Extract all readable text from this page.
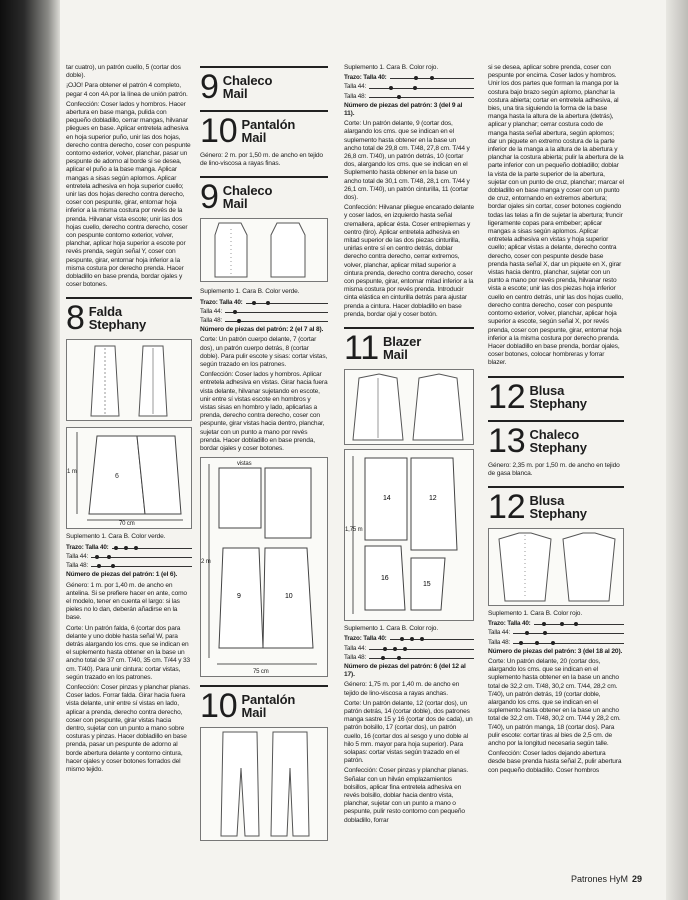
tar cuatro), un patrón cuello, 5 (cortar dos doble).

¡OJO! Para obtener el patrón 4 completo, pegar 4 con 4A por la línea de unión patrón.

Confección: Coser lados y hombros. Hacer abertura en base manga, pulida con pequeño dobladillo, cerrar mangas, hilvanar pliegues en base. Aplicar entretela adhesiva en hoja superior puño, unir las dos hojas, derecho contra derecho, coser con pespunte contorno exterior, volver, planchar, pasar un pespunte de adorno al borde si se desea, aplicar el puño a la base manga. Aplicar mangas a sisas según aplomos. Aplicar entretela adhesiva en hoja superior cuello; unir las dos hojas derecho contra derecho, coser con pespunte, girar, entornar hoja inferior a la misma costura por revés de la prenda. Hilvanar vista escote; unir las dos hojas cuello, derecho contra derecho, coser con pespunte contorno exterior, volver, planchar, aplicar hoja superior a escote por revés prenda, según señal Y, coser con pespunte, girar, entornar hoja inferior a la misma costura por derecho prenda. Hacer dobladillo en base prenda, bordar ojales y coser botones.

8 Falda
Stephany
6
70 cm
1 m

Suplemento 1. Cara B. Color verde.

Trazo: Talla 40:
Talla 44:
Talla 48:

Número de piezas del patrón: 1 (el 6).

Género: 1 m. por 1,40 m. de ancho en antelina. Si se prefiere hacer en ante, como el modelo, tener en cuenta el largo: si las pieles no lo dan, deberán añadirse en la base.

Corte: Un patrón falda, 6 (cortar dos para delante y uno doble hasta señal W, para detrás alargando los cms. que se indican en el suplemento hasta obtener en la base un ancho total de 37 cm. T/40, 35 cm. T/44 y 33 cm. T/40). Para unir cintura: cortar vistas, según trazado en los patrones.

Confección: Coser pinzas y planchar planas. Coser lados. Forrar falda. Girar hacia fuera vista delante, unir entre sí vistas en lado, aplicar a prenda, derecho contra derecho, coser con pespunte, girar vistas hacia dentro, sujetar con un punto a mano sobre costuras y pinzas. Hacer dobladillo en base prenda, pasar un pespunte de adorno al borde abertura delante y contorno cintura, hacer ojales y coser botones forrados del mismo tejido.

9 Chaleco
Mail
10 Pantalón
Mail

Género: 2 m. por 1,50 m. de ancho en tejido de lino-viscosa a rayas finas.

9 Chaleco
Mail

Suplemento 1. Cara B. Color verde.

Trazo: Talla 40:
Talla 44:
Talla 48:

Número de piezas del patrón: 2 (el 7 al 8).

Corte: Un patrón cuerpo delante, 7 (cortar dos), un patrón cuerpo detrás, 8 (cortar doble). Para pulir escote y sisas: cortar vistas, según trazado en los patrones.

Confección: Coser lados y hombros. Aplicar entretela adhesiva en vistas. Girar hacia fuera vista delante, hilvanar sujetando en escote, unir entre sí vistas escote en hombros y vistas sisas en hombro y lado, aplicarlas a prenda, derecho contra derecho, coser con pespunte, girar vistas hacia dentro, planchar, sujetar con un punto a mano por revés prenda. Hacer dobladillo en base prenda, bordar ojales y coser botones.

9	10
vistas
75 cm
2 m
10 Pantalón
Mail

Suplemento 1. Cara B. Color rojo.

Trazo: Talla 40:
Talla 44:
Talla 48:

Número de piezas del patrón: 3 (del 9 al 11).

Corte: Un patrón delante, 9 (cortar dos, alargando los cms. que se indican en el suplemento hasta obtener en la base un ancho total de 29,8 cm. T/48, 27,8 cm. T/44 y 26,8 cm. T/40), un patrón detrás, 10 (cortar dos, alargando los cms. que se indican en el Suplemento hasta obtener en la base un ancho total de 30,1 cm. T/48, 28,1 cm. T/44 y 26,1 cm. T/40), un patrón cinturilla, 11 (cortar dos).

Confección: Hilvanar pliegue encarado delante y coser lados, en izquierdo hasta señal cremallera, aplicar ésta. Coser entrepiernas y centro (tiro). Aplicar entretela adhesiva en mitad superior de las dos piezas cinturilla, unirlas entre sí en centro detrás, doblar derecho contra derecho, cerrar extremos, volver, planchar, aplicar mitad superior a cintura prenda, derecho contra derecho, coser con pespunte, girar, entornar mitad inferior a la misma costura por revés prenda. Introducir cinta elástica en cinturilla detrás para ajustar prenda a cintura. Hacer dobladillo en base prenda, bordar ojal y coser botón.

11 Blazer
Mail
14	12
16
15
1,75 m

Suplemento 1. Cara B. Color rojo.

Trazo: Talla 40:
Talla 44:
Talla 48:

Número de piezas del patrón: 6 (del 12 al 17).

Género: 1,75 m. por 1,40 m. de ancho en tejido de lino-viscosa a rayas anchas.

Corte: Un patrón delante, 12 (cortar dos), un patrón detrás, 14 (cortar doble), dos patrones manga sastre 15 y 16 (cortar dos de cada), un patrón bolsillo, 17 (cortar dos), un patrón cuello, 16 (cortar dos al sesgo y uno doble al hilo 5 mm. mayor para hoja superior). Para solapas: cortar vistas según trazado en el patrón.

Confección: Coser pinzas y planchar planas. Señalar con un hilván emplazamientos bolsillos, aplicar fina entretela adhesiva en revés bolsillo, doblar hacia dentro vista, planchar, sujetar con un punto a mano o pespunte, pulir resto contorno con pequeño dobladillo, forrar

si se desea, aplicar sobre prenda, coser con pespunte por encima. Coser lados y hombros. Unir los dos partes que forman la manga por la costura bajo brazo según aplomo, planchar la costura abierta; cortar en entretela adhesiva, al bies, una tira siguiendo la forma de la base manga hasta la altura de la abertura (detrás), aplicar y planchar; cerrar costura codo de manga hasta señal abertura, según aplomos; dar un piquete en extremo costura de la parte inferior de la manga a la altura de la abertura y planchar la costura abierta; pulir la abertura de la parte inferior con un pequeño dobladillo; doblar la vista de la parte superior de la abertura, sujetar con un punto de cruz, planchar; marcar el dobladillo en base manga y coser con un punto de cruz, entornando en extremos abertura; bordar ojales sin cortar, coser botones cogiendo todas las telas a fin de sujetar la abertura; fruncir ligeramente copas para embeber; aplicar mangas a sisas según aplomos. Aplicar entretela adhesiva en vistas y hoja superior cuello; aplicar vistas a delante, derecho contra derecho, coser con pespunte desde base prenda hasta señal X, dar un piquete en X, girar vistas hacia dentro, planchar, sujetar con un punto a mano por revés prenda, hilvanar resto vista a escote; unir las dos piezas hoja inferior cuello en centro detrás, unir las dos hojas cuello, derecho contra derecho, coser con pespunte contorno exterior, volver, planchar, aplicar hoja superior a escote, según señal X, por revés prenda, coser con pespunte, girar, entornar hoja inferior a la misma costura por derecho prenda. Hacer dobladillo en base prenda, bordar ojales, coser botones, colocar hombreras y forrar blazer.

12 Blusa
Stephany
13 Chaleco
Stephany

Género: 2,35 m. por 1,50 m. de ancho en tejido de gasa blanca.

12 Blusa
Stephany

Suplemento 1. Cara B. Color rojo.

Trazo: Talla 40:
Talla 44:
Talla 48:

Número de piezas del patrón: 3 (del 18 al 20).

Corte: Un patrón delante, 20 (cortar dos, alargando los cms. que se indican en el suplemento hasta obtener en la base un ancho total de 32,2 cm. T/48, 30,2 cm. T/44, 28,2 cm. T/40), un patrón detrás, 19 (cortar doble, alargando los cms. que se indican en el suplemento hasta obtener en la base un ancho total de 32,2 cm. T/48, 30,2 cm. T/44 y 28,2 cm. T/40), un patrón manga, 18 (cortar dos). Para pulir escote: cortar tiras al bies de 2,5 cm. de ancho por la longitud necesaria según talle.

Confección: Coser lados dejando abertura desde base prenda hasta señal Z, pulir abertura con pequeño dobladillo. Coser hombros

Patrones HyM 29
